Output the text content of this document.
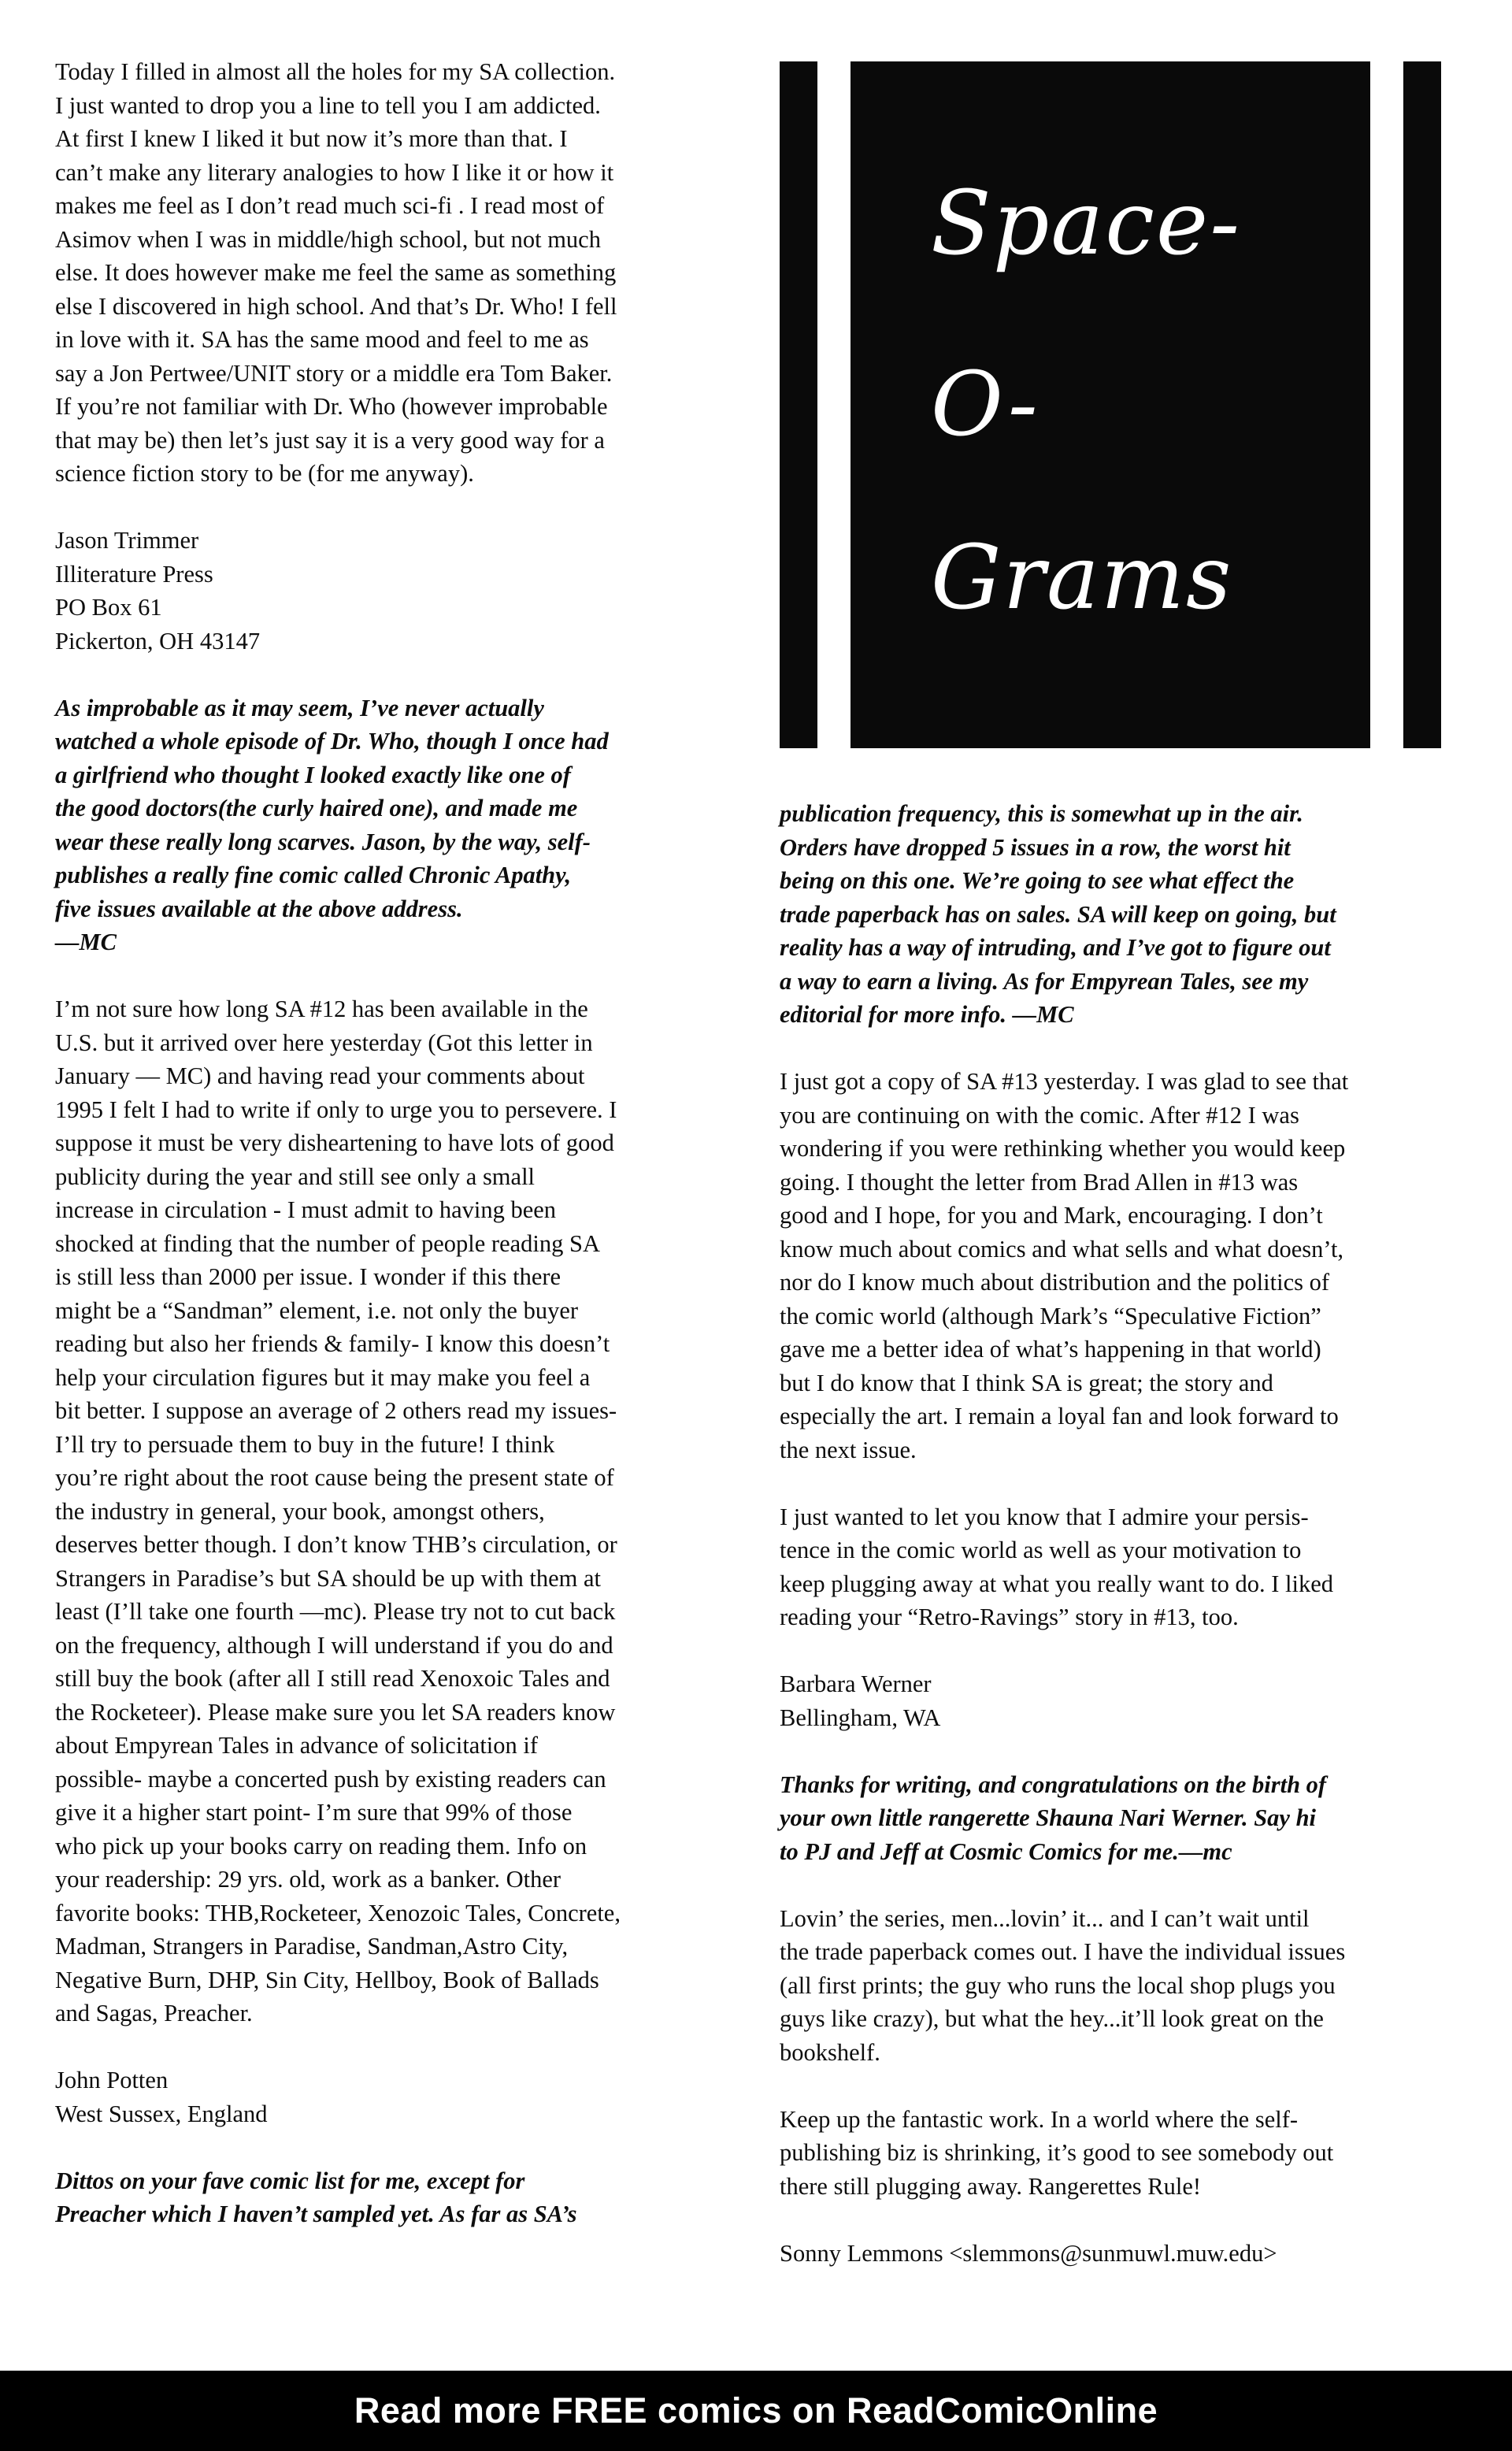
Today I filled in almost all the holes for my SA collection.
I just wanted to drop you a line to tell you I am addicted.
At first I knew I liked it but now it’s more than that. I
can’t make any literary analogies to how I like it or how it
makes me feel as I don’t read much sci-fi . I read most of
Asimov when I was in middle/high school, but not much
else. It does however make me feel the same as something
else I discovered in high school. And that’s Dr. Who! I fell
in love with it. SA has the same mood and feel to me as
say a Jon Pertwee/UNIT story or a middle era Tom Baker.
If you’re not familiar with Dr. Who (however improbable
that may be) then let’s just say it is a very good way for a
science fiction story to be (for me anyway).

Jason Trimmer
Illiterature Press
PO Box 61
Pickerton, OH 43147

As improbable as it may seem, I’ve never actually
watched a whole episode of Dr. Who, though I once had
a girlfriend who thought I looked exactly like one of
the good doctors(the curly haired one), and made me
wear these really long scarves. Jason, by the way, self-
publishes a really fine comic called Chronic Apathy,
five issues available at the above address.
—MC

I’m not sure how long SA #12 has been available in the
U.S. but it arrived over here yesterday (Got this letter in
January — MC) and having read your comments about
1995 I felt I had to write if only to urge you to persevere. I
suppose it must be very disheartening to have lots of good
publicity during the year and still see only a small
increase in circulation - I must admit to having been
shocked at finding that the number of people reading SA
is still less than 2000 per issue. I wonder if this there
might be a “Sandman” element, i.e. not only the buyer
reading but also her friends & family- I know this doesn’t
help your circulation figures but it may make you feel a
bit better. I suppose an average of 2 others read my issues-
I’ll try to persuade them to buy in the future! I think
you’re right about the root cause being the present state of
the industry in general, your book, amongst others,
deserves better though. I don’t know THB’s circulation, or
Strangers in Paradise’s but SA should be up with them at
least (I’ll take one fourth —mc). Please try not to cut back
on the frequency, although I will understand if you do and
still buy the book (after all I still read Xenoxoic Tales and
the Rocketeer). Please make sure you let SA readers know
about Empyrean Tales in advance of solicitation if
possible- maybe a concerted push by existing readers can
give it a higher start point- I’m sure that 99% of those
who pick up your books carry on reading them. Info on
your readership: 29 yrs. old, work as a banker. Other
favorite books: THB,Rocketeer, Xenozoic Tales, Concrete,
Madman, Strangers in Paradise, Sandman,Astro City,
Negative Burn, DHP, Sin City, Hellboy, Book of Ballads
and Sagas, Preacher.

John Potten
West Sussex, England

Dittos on your fave comic list for me, except for
Preacher which I haven’t sampled yet. As far as SA’s

Space-
O-
Grams

publication frequency, this is somewhat up in the air.
Orders have dropped 5 issues in a row, the worst hit
being on this one. We’re going to see what effect the
trade paperback has on sales. SA will keep on going, but
reality has a way of intruding, and I’ve got to figure out
a way to earn a living. As for Empyrean Tales, see my
editorial for more info. —MC

I just got a copy of SA #13 yesterday. I was glad to see that
you are continuing on with the comic. After #12 I was
wondering if you were rethinking whether you would keep
going. I thought the letter from Brad Allen in #13 was
good and I hope, for you and Mark, encouraging. I don’t
know much about comics and what sells and what doesn’t,
nor do I know much about distribution and the politics of
the comic world (although Mark’s “Speculative Fiction”
gave me a better idea of what’s happening in that world)
but I do know that I think SA is great; the story and
especially the art. I remain a loyal fan and look forward to
the next issue.

I just wanted to let you know that I admire your persis-
tence in the comic world as well as your motivation to
keep plugging away at what you really want to do. I liked
reading your “Retro-Ravings” story in #13, too.

Barbara Werner
Bellingham, WA

Thanks for writing, and congratulations on the birth of
your own little rangerette Shauna Nari Werner. Say hi
to PJ and Jeff at Cosmic Comics for me.—mc

Lovin’ the series, men...lovin’ it... and I can’t wait until
the trade paperback comes out. I have the individual issues
(all first prints; the guy who runs the local shop plugs you
guys like crazy), but what the hey...it’ll look great on the
bookshelf.

Keep up the fantastic work. In a world where the self-
publishing biz is shrinking, it’s good to see somebody out
there still plugging away. Rangerettes Rule!

Sonny Lemmons <slemmons@sunmuwl.muw.edu>

Read more FREE comics on ReadComicOnline
